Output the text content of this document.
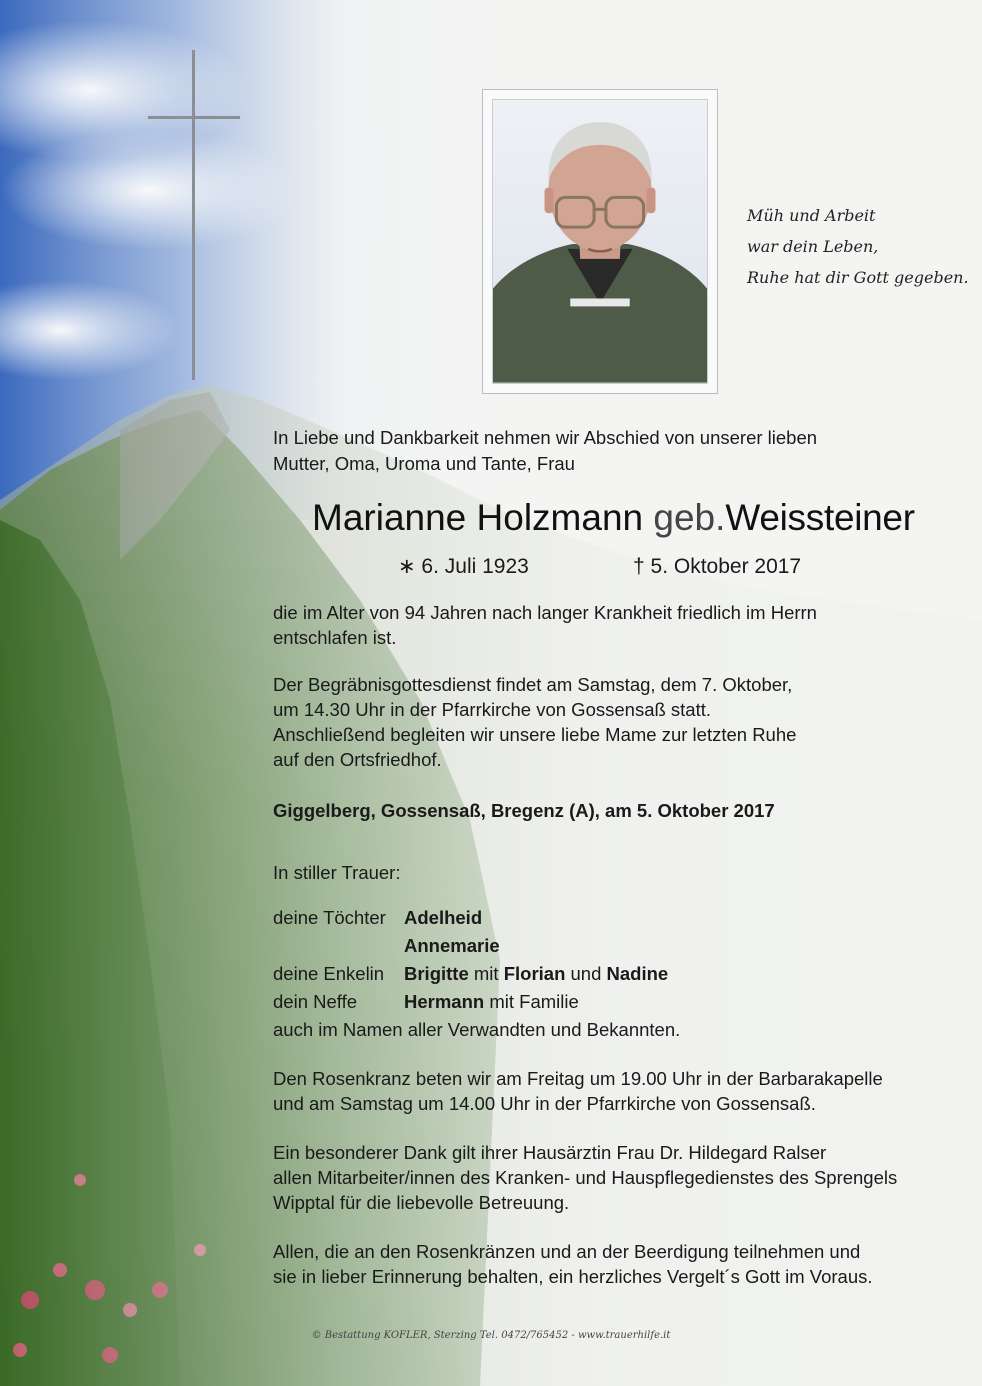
Müh und Arbeit
war dein Leben,
Ruhe hat dir Gott gegeben.
In Liebe und Dankbarkeit nehmen wir Abschied von unserer lieben
Mutter, Oma, Uroma und Tante, Frau
Marianne Holzmann geb.Weissteiner
∗ 6. Juli 1923	† 5. Oktober 2017
die im Alter von 94 Jahren nach langer Krankheit friedlich im Herrn
entschlafen ist.
Der Begräbnisgottesdienst findet am Samstag, dem 7. Oktober,
um 14.30 Uhr in der Pfarrkirche von Gossensaß statt.
Anschließend begleiten wir unsere liebe Mame zur letzten Ruhe
auf den Ortsfriedhof.
Giggelberg, Gossensaß, Bregenz (A), am 5. Oktober 2017
In stiller Trauer:
deine Töchter Adelheid
Annemarie
deine Enkelin Brigitte mit Florian und Nadine
dein Neffe	Hermann mit Familie
auch im Namen aller Verwandten und Bekannten.
Den Rosenkranz beten wir am Freitag um 19.00 Uhr in der Barbarakapelle
und am Samstag um 14.00 Uhr in der Pfarrkirche von Gossensaß.
Ein besonderer Dank gilt ihrer Hausärztin Frau Dr. Hildegard Ralser
allen Mitarbeiter/innen des Kranken- und Hauspflegedienstes des Sprengels
Wipptal für die liebevolle Betreuung.
Allen, die an den Rosenkränzen und an der Beerdigung teilnehmen und
sie in lieber Erinnerung behalten, ein herzliches Vergelt´s Gott im Voraus.
© Bestattung KOFLER, Sterzing Tel. 0472/765452 - www.trauerhilfe.it
